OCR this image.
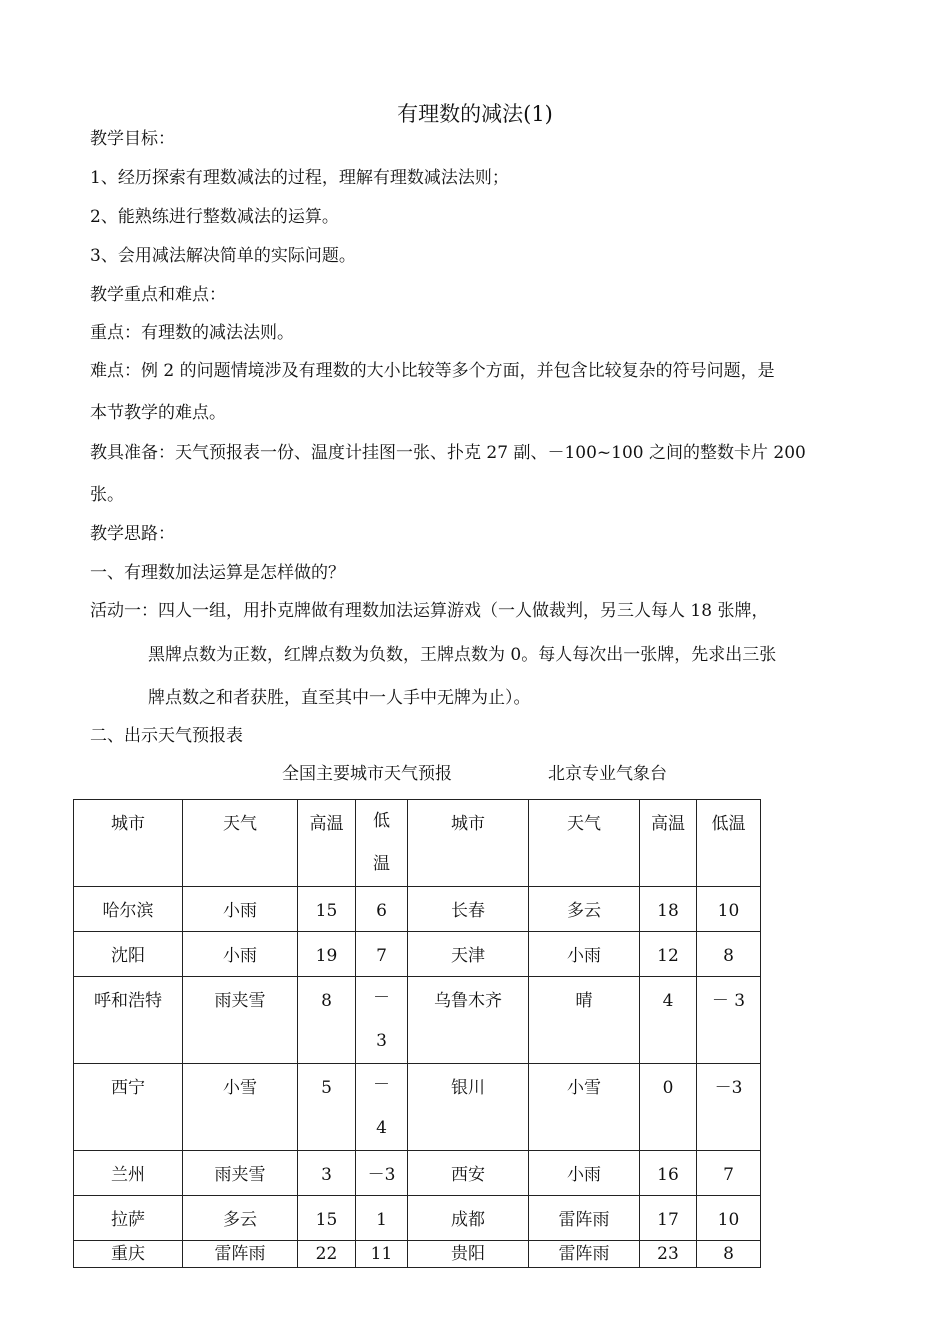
有理数的减法(1)
教学目标：
1、经历探索有理数减法的过程，理解有理数减法法则；
2、能熟练进行整数减法的运算。
3、会用减法解决简单的实际问题。
教学重点和难点：
重点：有理数的减法法则。
难点：例 2 的问题情境涉及有理数的大小比较等多个方面，并包含比较复杂的符号问题，是
本节教学的难点。
教具准备：天气预报表一份、温度计挂图一张、扑克 27 副、－100~100 之间的整数卡片 200
张。
教学思路：
一、有理数加法运算是怎样做的？
活动一：四人一组，用扑克牌做有理数加法运算游戏（一人做裁判，另三人每人 18 张牌，
黑牌点数为正数，红牌点数为负数，王牌点数为 0。每人每次出一张牌，先求出三张
牌点数之和者获胜，直至其中一人手中无牌为止）。
二、出示天气预报表
全国主要城市天气预报	北京专业气象台
城市	天气	高温	低温	城市	天气	高温	低温
哈尔滨	小雨	15	6	长春	多云	18	10
沈阳	小雨	19	7	天津	小雨	12	8
呼和浩特	雨夹雪	8	－3	乌鲁木齐	晴	4	－ 3
西宁	小雪	5	－4	银川	小雪	0	－3
兰州	雨夹雪	3	－3	西安	小雨	16	7
拉萨	多云	15	1	成都	雷阵雨	17	10
重庆	雷阵雨	22	11	贵阳	雷阵雨	23	8
